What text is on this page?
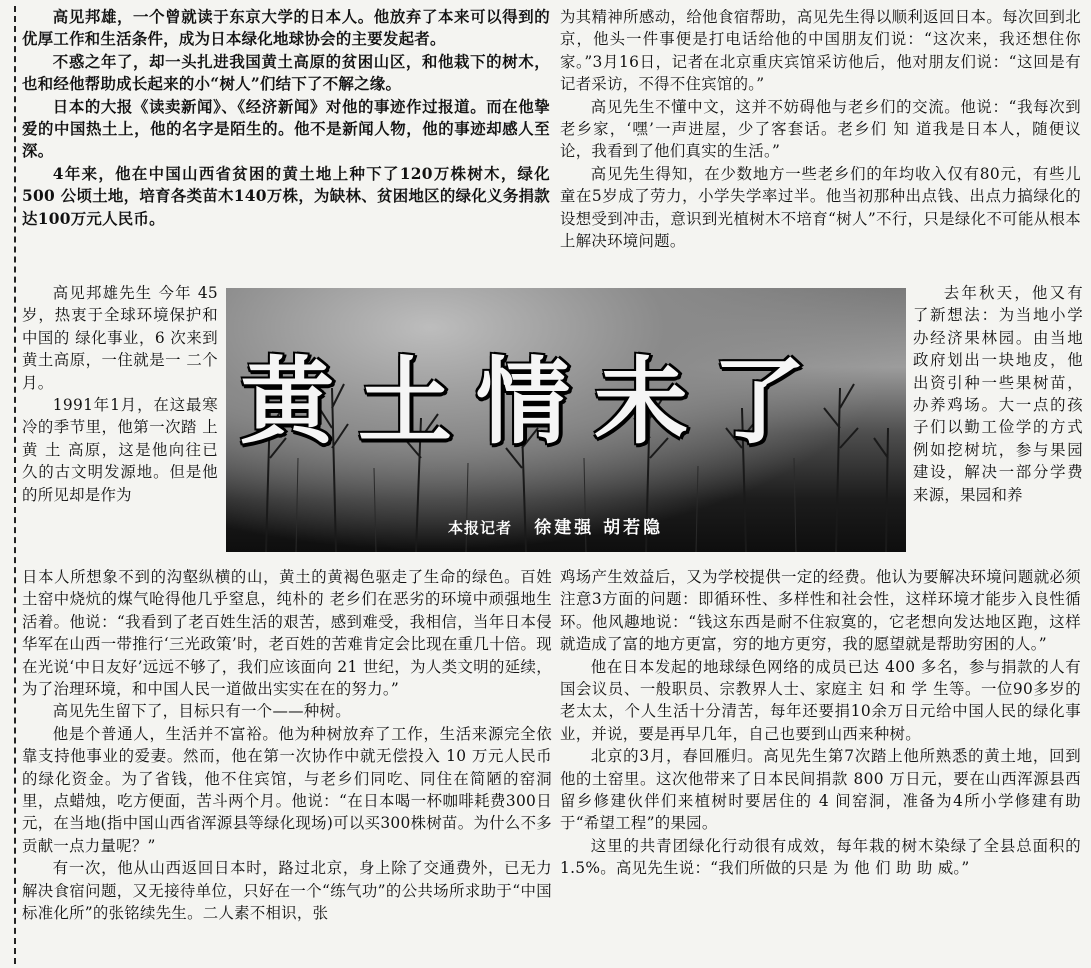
高见邦雄，一个曾就读于东京大学的日本人。他放弃了本来可以得到的优厚工作和生活条件，成为日本绿化地球协会的主要发起者。

不惑之年了，却一头扎进我国黄土高原的贫困山区，和他栽下的树木，也和经他帮助成长起来的小“树人”们结下了不解之缘。

日本的大报《读卖新闻》、《经济新闻》对他的事迹作过报道。而在他挚爱的中国热土上，他的名字是陌生的。他不是新闻人物，他的事迹却感人至深。

4年来，他在中国山西省贫困的黄土地上种下了120万株树木，绿化 500 公顷土地，培育各类苗木140万株，为缺林、贫困地区的绿化义务捐款达100万元人民币。

为其精神所感动，给他食宿帮助，高见先生得以顺利返回日本。每次回到北京，他头一件事便是打电话给他的中国朋友们说：“这次来，我还想住你家。”3月16日，记者在北京重庆宾馆采访他后，他对朋友们说：“这回是有记者采访，不得不住宾馆的。”

高见先生不懂中文，这并不妨碍他与老乡们的交流。他说：“我每次到老乡家，‘嘿’一声进屋，少了客套话。老乡们 知 道我是日本人，随便议论，我看到了他们真实的生活。”

高见先生得知，在少数地方一些老乡们的年均收入仅有80元，有些儿童在5岁成了劳力，小学失学率过半。他当初那种出点钱、出点力搞绿化的设想受到冲击，意识到光植树木不培育“树人”不行，只是绿化不可能从根本上解决环境问题。

高见邦雄先生 今年 45 岁，热衷于全球环境保护和中国的 绿化事业，6 次来到黄土高原，一住就是一 二个月。

1991年1月，在这最寒冷的季节里，他第一次踏 上 黄 土 高原，这是他向往已久的古文明发源地。但是他的所见却是作为

黄土情未了
本报记者 徐建强 胡若隐

去年秋天，他又有了新想法：为当地小学办经济果林园。由当地政府划出一块地皮，他出资引种一些果树苗，办养鸡场。大一点的孩子们以勤工俭学的方式例如挖树坑，参与果园建设，解决一部分学费来源，果园和养

日本人所想象不到的沟壑纵横的山，黄土的黄褐色驱走了生命的绿色。百姓土窑中烧炕的煤气呛得他几乎窒息，纯朴的 老乡们在恶劣的环境中顽强地生活着。他说：“我看到了老百姓生活的艰苦，感到难受，我相信，当年日本侵华军在山西一带推行‘三光政策’时，老百姓的苦难肯定会比现在重几十倍。现在光说‘中日友好’远远不够了，我们应该面向 21 世纪，为人类文明的延续，为了治理环境，和中国人民一道做出实实在在的努力。”

高见先生留下了，目标只有一个——种树。

他是个普通人，生活并不富裕。他为种树放弃了工作，生活来源完全依靠支持他事业的爱妻。然而，他在第一次协作中就无偿投入 10 万元人民币的绿化资金。为了省钱，他不住宾馆，与老乡们同吃、同住在简陋的窑洞里，点蜡烛，吃方便面，苦斗两个月。他说：“在日本喝一杯咖啡耗费300日元，在当地(指中国山西省浑源县等绿化现场)可以买300株树苗。为什么不多贡献一点力量呢？”

有一次，他从山西返回日本时，路过北京，身上除了交通费外，已无力解决食宿问题，又无接待单位，只好在一个“练气功”的公共场所求助于“中国标准化所”的张铭续先生。二人素不相识，张

鸡场产生效益后，又为学校提供一定的经费。他认为要解决环境问题就必须注意3方面的问题：即循环性、多样性和社会性，这样环境才能步入良性循环。他风趣地说：“钱这东西是耐不住寂寞的，它老想向发达地区跑，这样就造成了富的地方更富，穷的地方更穷，我的愿望就是帮助穷困的人。”

他在日本发起的地球绿色网络的成员已达 400 多名，参与捐款的人有国会议员、一般职员、宗教界人士、家庭主 妇 和 学 生等。一位90多岁的老太太，个人生活十分清苦，每年还要捐10余万日元给中国人民的绿化事业，并说，要是再早几年，自己也要到山西来种树。

北京的3月，春回雁归。高见先生第7次踏上他所熟悉的黄土地，回到他的土窑里。这次他带来了日本民间捐款 800 万日元，要在山西浑源县西留乡修建伙伴们来植树时要居住的 4 间窑洞，准备为4所小学修建有助于“希望工程”的果园。

这里的共青团绿化行动很有成效，每年栽的树木染绿了全县总面积的 1.5%。高见先生说：“我们所做的只是 为 他 们 助 助 威。”
